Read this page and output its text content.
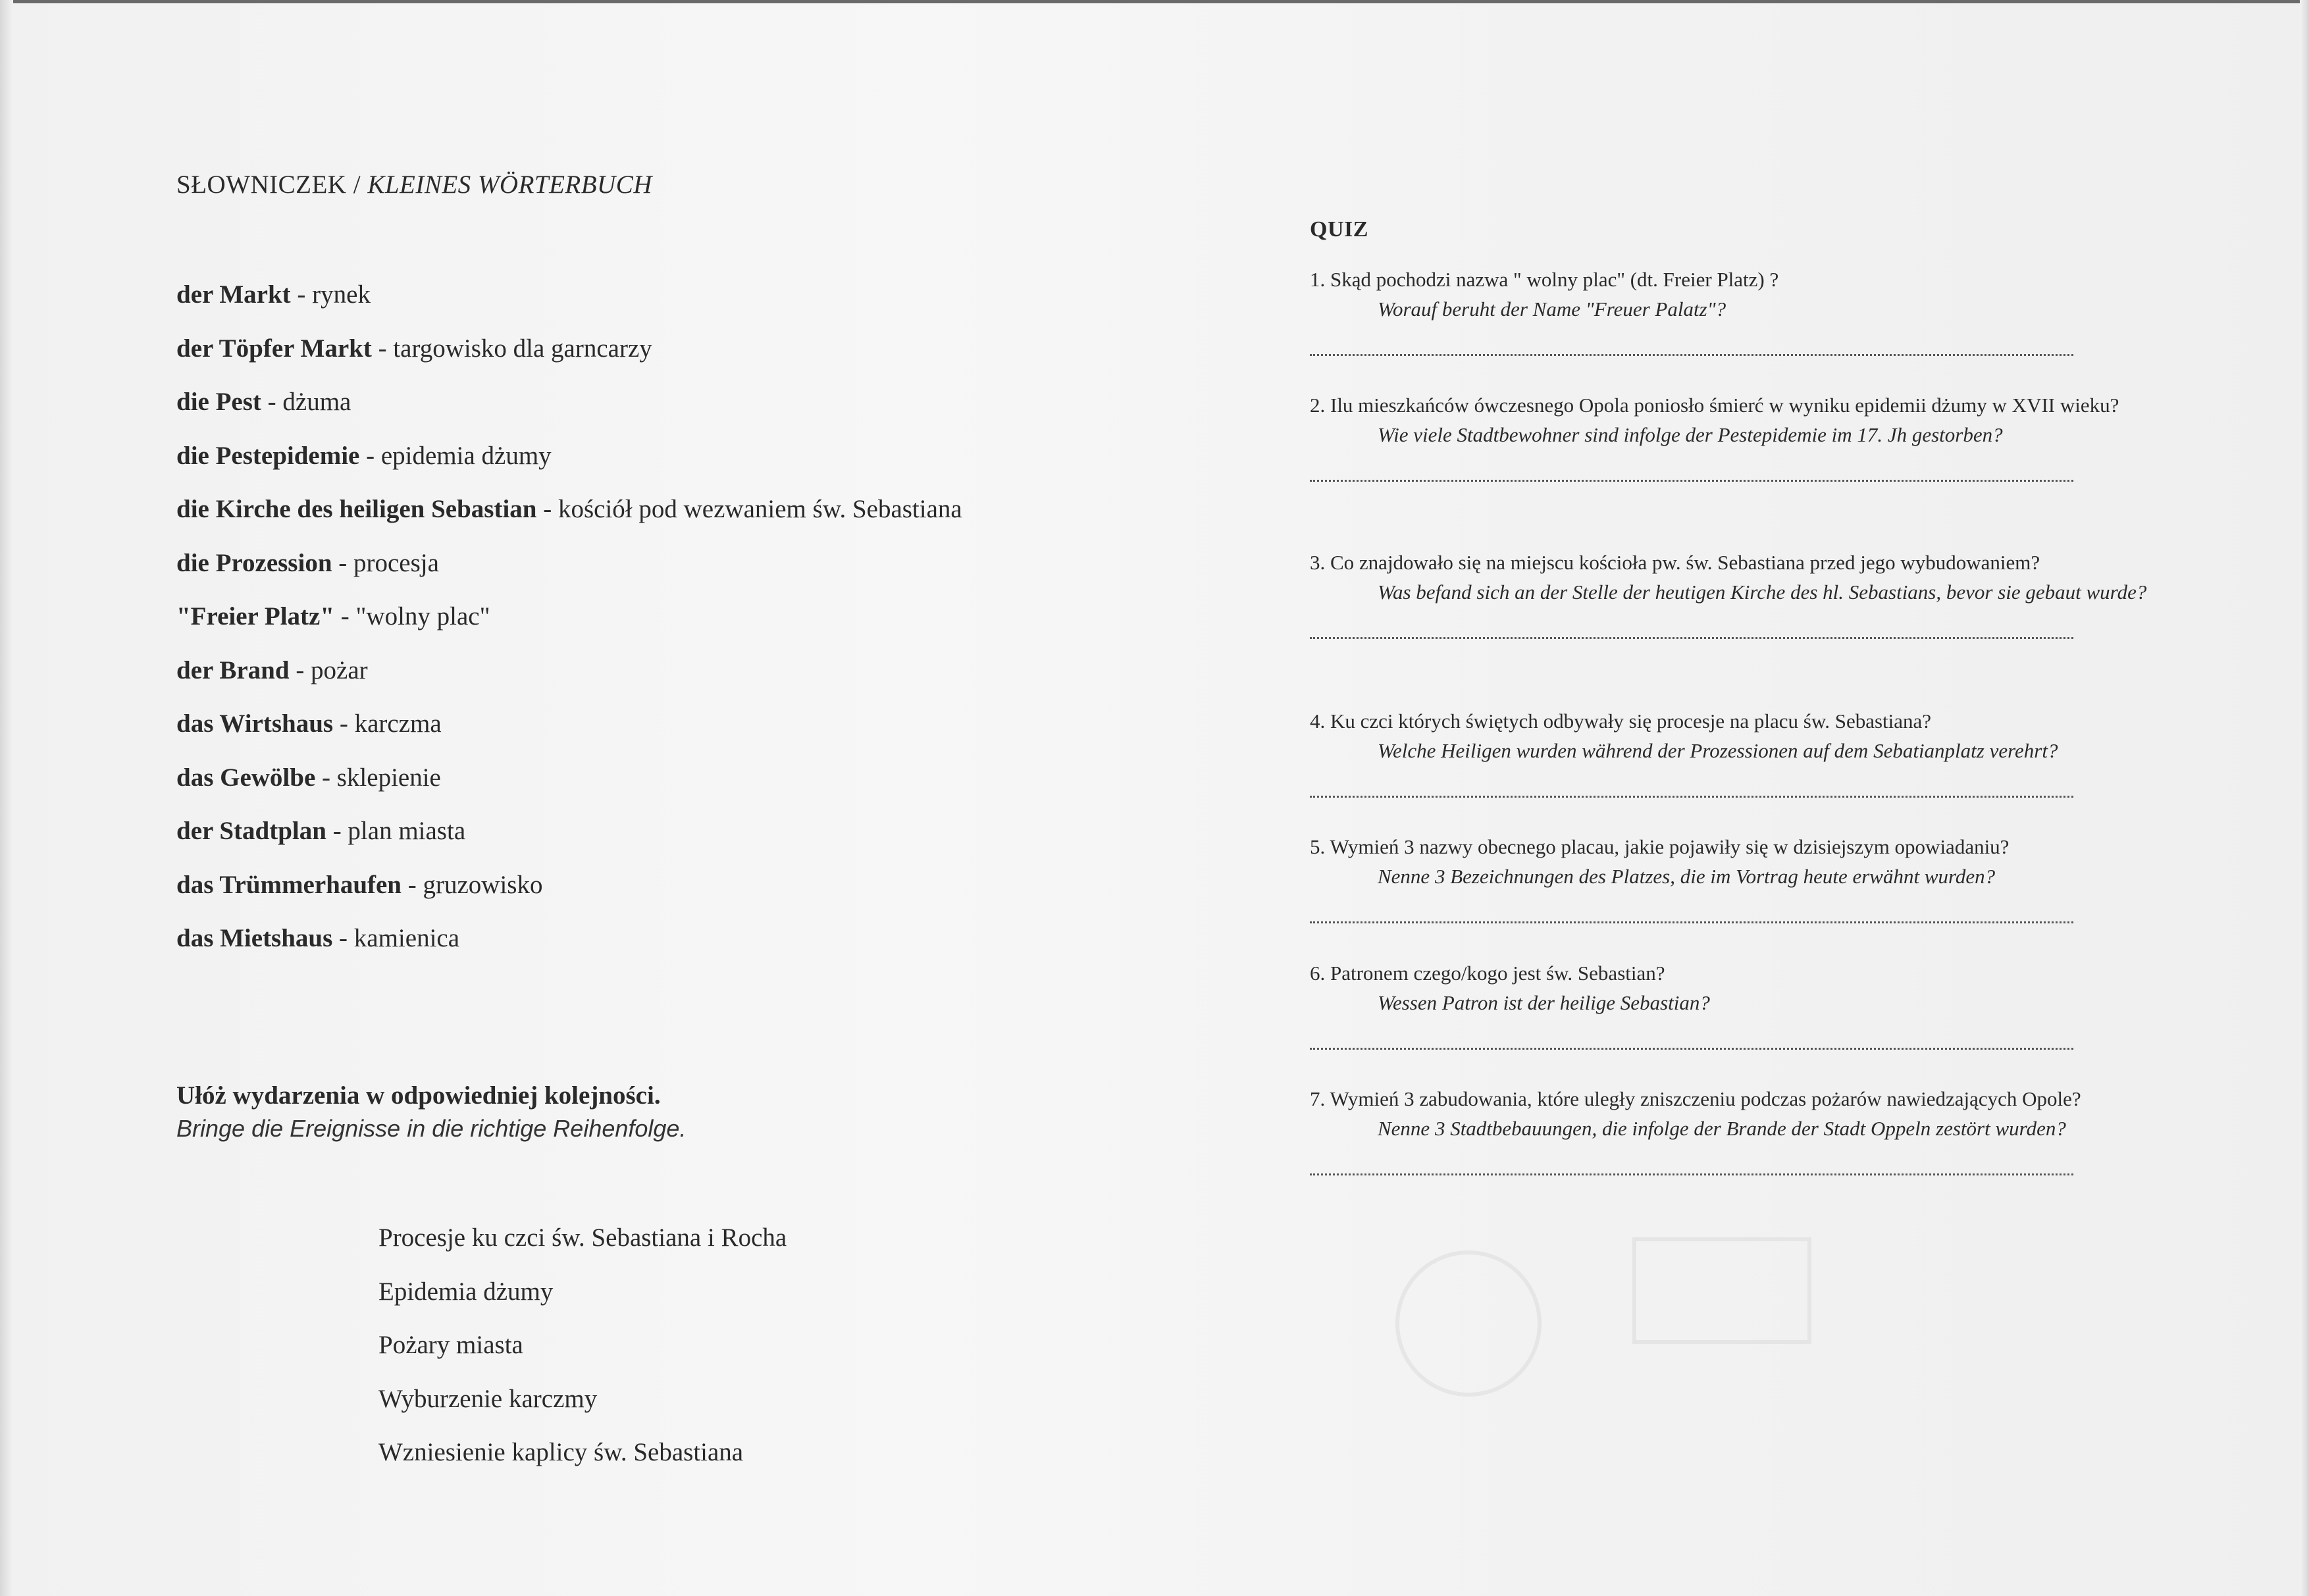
SŁOWNICZEK / KLEINES WÖRTERBUCH
der Markt - rynek
der Töpfer Markt - targowisko dla garncarzy
die Pest - dżuma
die Pestepidemie - epidemia dżumy
die Kirche des heiligen Sebastian - kościół pod wezwaniem św. Sebastiana
die Prozession - procesja
"Freier Platz" - "wolny plac"
der Brand - pożar
das Wirtshaus - karczma
das Gewölbe - sklepienie
der Stadtplan - plan miasta
das Trümmerhaufen - gruzowisko
das Mietshaus - kamienica
Ułóż wydarzenia w odpowiedniej kolejności.
Bringe die Ereignisse in die richtige Reihenfolge.
Procesje ku czci św. Sebastiana i Rocha
Epidemia dżumy
Pożary miasta
Wyburzenie karczmy
Wzniesienie kaplicy św. Sebastiana
QUIZ
1. Skąd pochodzi nazwa " wolny plac" (dt. Freier Platz) ?
Worauf beruht der Name "Freuer Palatz"?
2. Ilu mieszkańców ówczesnego Opola poniosło śmierć w wyniku epidemii dżumy w XVII wieku?
Wie viele Stadtbewohner sind infolge der Pestepidemie im 17. Jh gestorben?
3. Co znajdowało się na miejscu kościoła pw. św. Sebastiana przed jego wybudowaniem?
Was befand sich an der Stelle der heutigen Kirche des hl. Sebastians, bevor sie gebaut wurde?
4. Ku czci których świętych odbywały się procesje na placu św. Sebastiana?
Welche Heiligen wurden während der Prozessionen auf dem Sebatianplatz verehrt?
5. Wymień 3 nazwy obecnego placau, jakie pojawiły się w dzisiejszym opowiadaniu?
Nenne 3 Bezeichnungen des Platzes, die im Vortrag heute erwähnt wurden?
6. Patronem czego/kogo jest św. Sebastian?
Wessen Patron ist der heilige Sebastian?
7. Wymień 3 zabudowania, które uległy zniszczeniu podczas pożarów nawiedzających Opole?
Nenne 3 Stadtbebauungen, die infolge der Brande der Stadt Oppeln zestört wurden?
